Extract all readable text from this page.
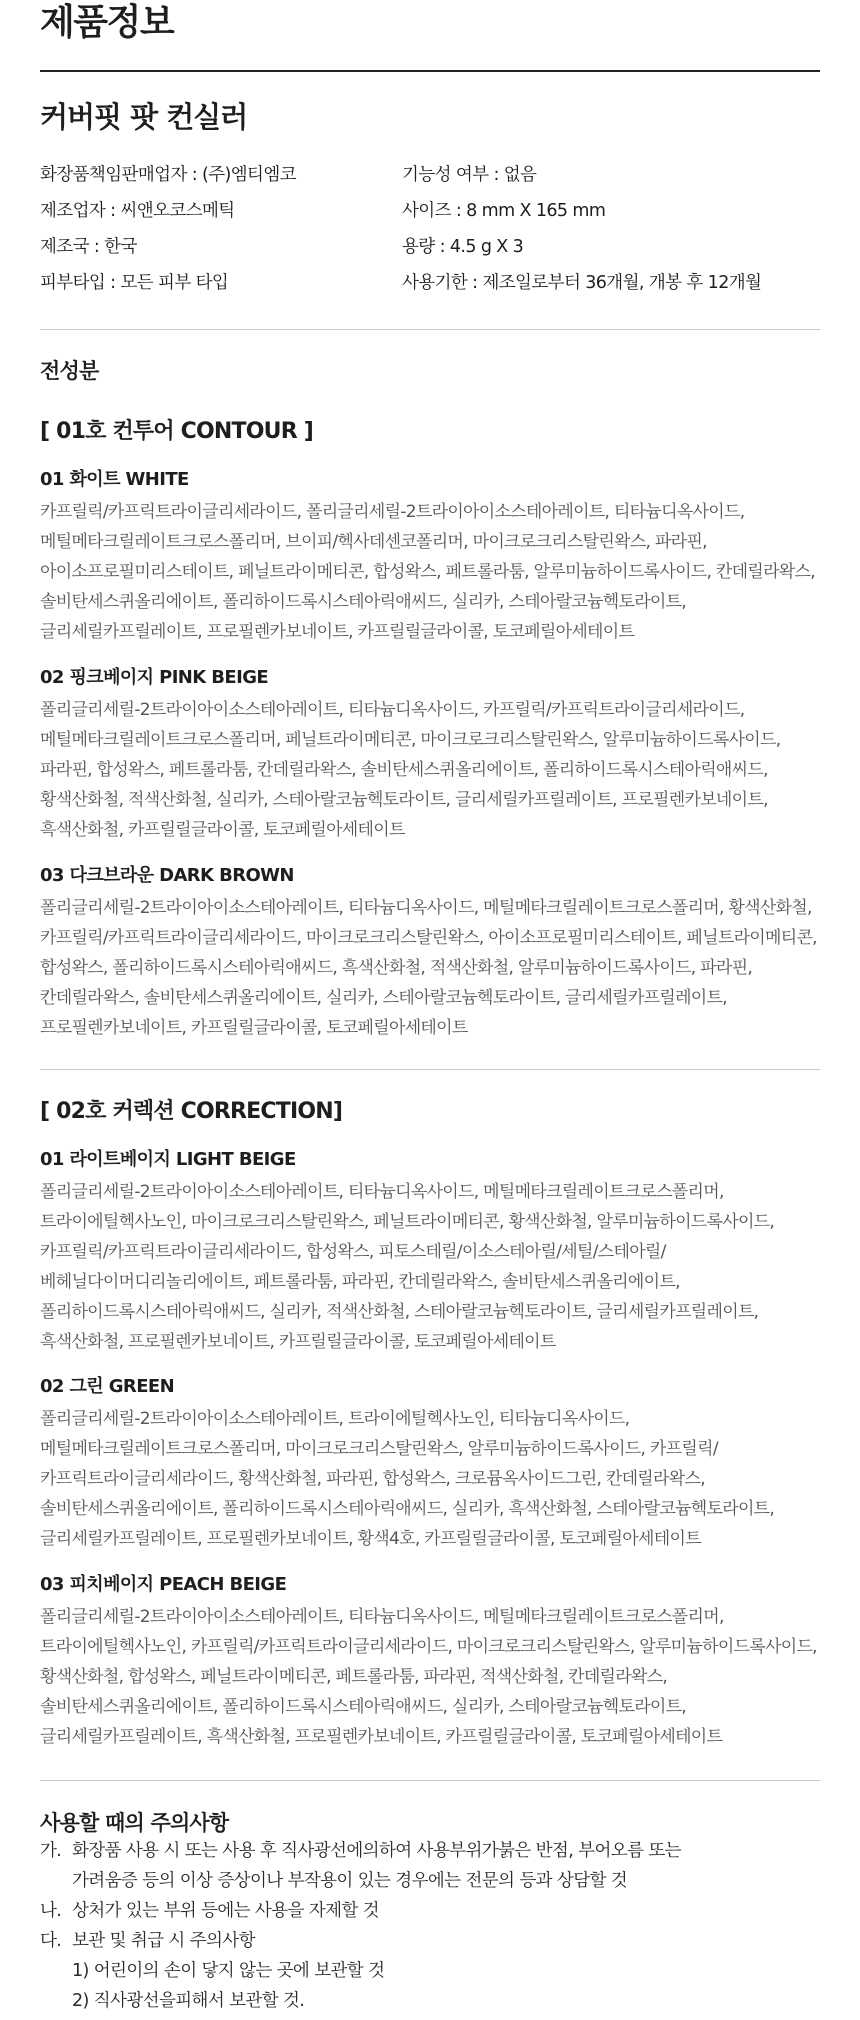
제품정보
커버핏 팟 컨실러
화장품책임판매업자 : (주)엠티엠코
제조업자 : 씨앤오코스메틱
제조국 : 한국
피부타입 : 모든 피부 타입
기능성 여부 : 없음
사이즈 : 8 mm X 165 mm
용량 : 4.5 g X 3
사용기한 : 제조일로부터 36개월, 개봉 후 12개월
전성분
[ 01호 컨투어 CONTOUR ]
01 화이트 WHITE

카프릴릭/카프릭트라이글리세라이드, 폴리글리세릴-2트라이아이소스테아레이트, 티타늄디옥사이드, 메틸메타크릴레이트크로스폴리머, 브이피/헥사데센코폴리머, 마이크로크리스탈린왁스, 파라핀, 아이소프로필미리스테이트, 페닐트라이메티콘, 합성왁스, 페트롤라툼, 알루미늄하이드록사이드, 칸데릴라왁스, 솔비탄세스퀴올리에이트, 폴리하이드록시스테아릭애씨드, 실리카, 스테아랄코늄헥토라이트, 글리세릴카프릴레이트, 프로필렌카보네이트, 카프릴릴글라이콜, 토코페릴아세테이트

02 핑크베이지 PINK BEIGE

폴리글리세릴-2트라이아이소스테아레이트, 티타늄디옥사이드, 카프릴릭/카프릭트라이글리세라이드, 메틸메타크릴레이트크로스폴리머, 페닐트라이메티콘, 마이크로크리스탈린왁스, 알루미늄하이드록사이드, 파라핀, 합성왁스, 페트롤라툼, 칸데릴라왁스, 솔비탄세스퀴올리에이트, 폴리하이드록시스테아릭애씨드, 황색산화철, 적색산화철, 실리카, 스테아랄코늄헥토라이트, 글리세릴카프릴레이트, 프로필렌카보네이트, 흑색산화철, 카프릴릴글라이콜, 토코페릴아세테이트

03 다크브라운 DARK BROWN

폴리글리세릴-2트라이아이소스테아레이트, 티타늄디옥사이드, 메틸메타크릴레이트크로스폴리머, 황색산화철, 카프릴릭/카프릭트라이글리세라이드, 마이크로크리스탈린왁스, 아이소프로필미리스테이트, 페닐트라이메티콘, 합성왁스, 폴리하이드록시스테아릭애씨드, 흑색산화철, 적색산화철, 알루미늄하이드록사이드, 파라핀, 칸데릴라왁스, 솔비탄세스퀴올리에이트, 실리카, 스테아랄코늄헥토라이트, 글리세릴카프릴레이트, 프로필렌카보네이트, 카프릴릴글라이콜, 토코페릴아세테이트

[ 02호 커렉션 CORRECTION]
01 라이트베이지 LIGHT BEIGE

폴리글리세릴-2트라이아이소스테아레이트, 티타늄디옥사이드, 메틸메타크릴레이트크로스폴리머, 트라이에틸헥사노인, 마이크로크리스탈린왁스, 페닐트라이메티콘, 황색산화철, 알루미늄하이드록사이드, 카프릴릭/카프릭트라이글리세라이드, 합성왁스, 피토스테릴/이소스테아릴/세틸/스테아릴/베헤닐다이머디리놀리에이트, 페트롤라툼, 파라핀, 칸데릴라왁스, 솔비탄세스퀴올리에이트, 폴리하이드록시스테아릭애씨드, 실리카, 적색산화철, 스테아랄코늄헥토라이트, 글리세릴카프릴레이트, 흑색산화철, 프로필렌카보네이트, 카프릴릴글라이콜, 토코페릴아세테이트

02 그린 GREEN

폴리글리세릴-2트라이아이소스테아레이트, 트라이에틸헥사노인, 티타늄디옥사이드, 메틸메타크릴레이트크로스폴리머, 마이크로크리스탈린왁스, 알루미늄하이드록사이드, 카프릴릭/카프릭트라이글리세라이드, 황색산화철, 파라핀, 합성왁스, 크로뮴옥사이드그린, 칸데릴라왁스, 솔비탄세스퀴올리에이트, 폴리하이드록시스테아릭애씨드, 실리카, 흑색산화철, 스테아랄코늄헥토라이트, 글리세릴카프릴레이트, 프로필렌카보네이트, 황색4호, 카프릴릴글라이콜, 토코페릴아세테이트

03 피치베이지 PEACH BEIGE

폴리글리세릴-2트라이아이소스테아레이트, 티타늄디옥사이드, 메틸메타크릴레이트크로스폴리머, 트라이에틸헥사노인, 카프릴릭/카프릭트라이글리세라이드, 마이크로크리스탈린왁스, 알루미늄하이드록사이드, 황색산화철, 합성왁스, 페닐트라이메티콘, 페트롤라툼, 파라핀, 적색산화철, 칸데릴라왁스, 솔비탄세스퀴올리에이트, 폴리하이드록시스테아릭애씨드, 실리카, 스테아랄코늄헥토라이트, 글리세릴카프릴레이트, 흑색산화철, 프로필렌카보네이트, 카프릴릴글라이콜, 토코페릴아세테이트

사용할 때의 주의사항
가. 화장품 사용 시 또는 사용 후 직사광선에의하여 사용부위가붉은 반점, 부어오름 또는
가려움증 등의 이상 증상이나 부작용이 있는 경우에는 전문의 등과 상담할 것
나. 상처가 있는 부위 등에는 사용을 자제할 것
다. 보관 및 취급 시 주의사항
1) 어린이의 손이 닿지 않는 곳에 보관할 것
2) 직사광선을피해서 보관할 것.
